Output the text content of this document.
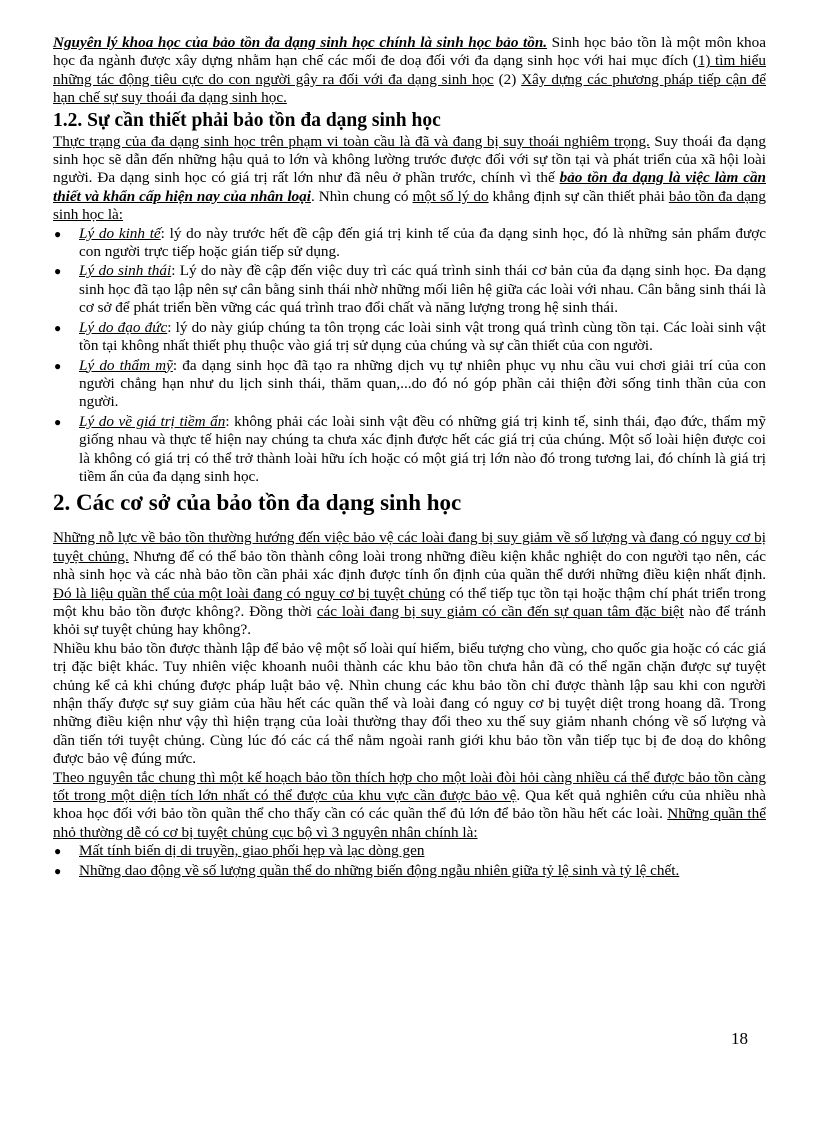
Nguyên lý khoa học của bảo tồn đa dạng sinh học chính là sinh học bảo tồn. Sinh học bảo tồn là một môn khoa học đa ngành được xây dựng nhằm hạn chế các mối đe doạ đối với đa dạng sinh học với hai mục đích (1) tìm hiểu những tác động tiêu cực do con người gây ra đối với đa dạng sinh học (2) Xây dựng các phương pháp tiếp cận để hạn chế sự suy thoái đa dạng sinh học.

1.2. Sự cần thiết phải bảo tồn đa dạng sinh học

Thực trạng của đa dạng sinh học trên phạm vi toàn cầu là đã và đang bị suy thoái nghiêm trọng. Suy thoái đa dạng sinh học sẽ dẫn đến những hậu quả to lớn và không lường trước được đối với sự tồn tại và phát triển của xã hội loài người. Đa dạng sinh học có giá trị rất lớn như đã nêu ở phần trước, chính vì thế bảo tồn đa dạng là việc làm cần thiết và khẩn cấp hiện nay của nhân loại. Nhìn chung có một số lý do khẳng định sự cần thiết phải bảo tồn đa dạng sinh học là:

● Lý do kinh tế: lý do này trước hết đề cập đến giá trị kinh tế của đa dạng sinh học, đó là những sản phẩm được con người trực tiếp hoặc gián tiếp sử dụng.
● Lý do sinh thái: Lý do này đề cập đến việc duy trì các quá trình sinh thái cơ bản của đa dạng sinh học. Đa dạng sinh học đã tạo lập nên sự cân bằng sinh thái nhờ những mối liên hệ giữa các loài với nhau. Cân bằng sinh thái là cơ sở để phát triển bền vững các quá trình trao đổi chất và năng lượng trong hệ sinh thái.
● Lý do đạo đức: lý do này giúp chúng ta tôn trọng các loài sinh vật trong quá trình cùng tồn tại. Các loài sinh vật tồn tại không nhất thiết phụ thuộc vào giá trị sử dụng của chúng và sự cần thiết của con người.
● Lý do thẩm mỹ: đa dạng sinh học đã tạo ra những dịch vụ tự nhiên phục vụ nhu cầu vui chơi giải trí của con người chẳng hạn như du lịch sinh thái, thăm quan,...do đó nó góp phần cải thiện đời sống tinh thần của con người.
● Lý do về giá trị tiềm ẩn: không phải các loài sinh vật đều có những giá trị kinh tế, sinh thái, đạo đức, thẩm mỹ giống nhau và thực tế hiện nay chúng ta chưa xác định được hết các giá trị của chúng. Một số loài hiện được coi là không có giá trị có thể trở thành loài hữu ích hoặc có một giá trị lớn nào đó trong tương lai, đó chính là giá trị tiềm ẩn của đa dạng sinh học.
2. Các cơ sở của bảo tồn đa dạng sinh học

Những nỗ lực về bảo tồn thường hướng đến việc bảo vệ các loài đang bị suy giảm về số lượng và đang có nguy cơ bị tuyệt chủng. Nhưng để có thể bảo tồn thành công loài trong những điều kiện khắc nghiệt do con người tạo nên, các nhà sinh học và các nhà bảo tồn cần phải xác định được tính ổn định của quần thể dưới những điều kiện nhất định. Đó là liệu quần thể của một loài đang có nguy cơ bị tuyệt chủng có thể tiếp tục tồn tại hoặc thậm chí phát triển trong một khu bảo tồn được không?. Đồng thời các loài đang bị suy giảm có cần đến sự quan tâm đặc biệt nào để tránh khỏi sự tuyệt chủng hay không?.

Nhiều khu bảo tồn được thành lập để bảo vệ một số loài quí hiếm, biểu tượng cho vùng, cho quốc gia hoặc có các giá trị đặc biệt khác. Tuy nhiên việc khoanh nuôi thành các khu bảo tồn chưa hẳn đã có thể ngăn chặn được sự tuyệt chủng kể cả khi chúng được pháp luật bảo vệ. Nhìn chung các khu bảo tồn chỉ được thành lập sau khi con người nhận thấy được sự suy giảm của hầu hết các quần thể và loài đang có nguy cơ bị tuyệt diệt trong hoang dã. Trong những điều kiện như vậy thì hiện trạng của loài thường thay đổi theo xu thế suy giảm nhanh chóng về số lượng và dần tiến tới tuyệt chủng. Cùng lúc đó các cá thể nằm ngoài ranh giới khu bảo tồn vẫn tiếp tục bị đe doạ do không được bảo vệ đúng mức.

Theo nguyên tắc chung thì một kế hoạch bảo tồn thích hợp cho một loài đòi hỏi càng nhiều cá thể được bảo tồn càng tốt trong một diện tích lớn nhất có thể được của khu vực cần được bảo vệ. Qua kết quả nghiên cứu của nhiều nhà khoa học đối với bảo tồn quần thể cho thấy cần có các quần thể đủ lớn để bảo tồn hầu hết các loài. Những quần thể nhỏ thường dễ có cơ bị tuyệt chủng cục bộ vì 3 nguyên nhân chính là:

● Mất tính biến dị di truyền, giao phối hẹp và lạc dòng gen
● Những dao động về số lượng quần thể do những biến động ngẫu nhiên giữa tỷ lệ sinh và tỷ lệ chết.
18
